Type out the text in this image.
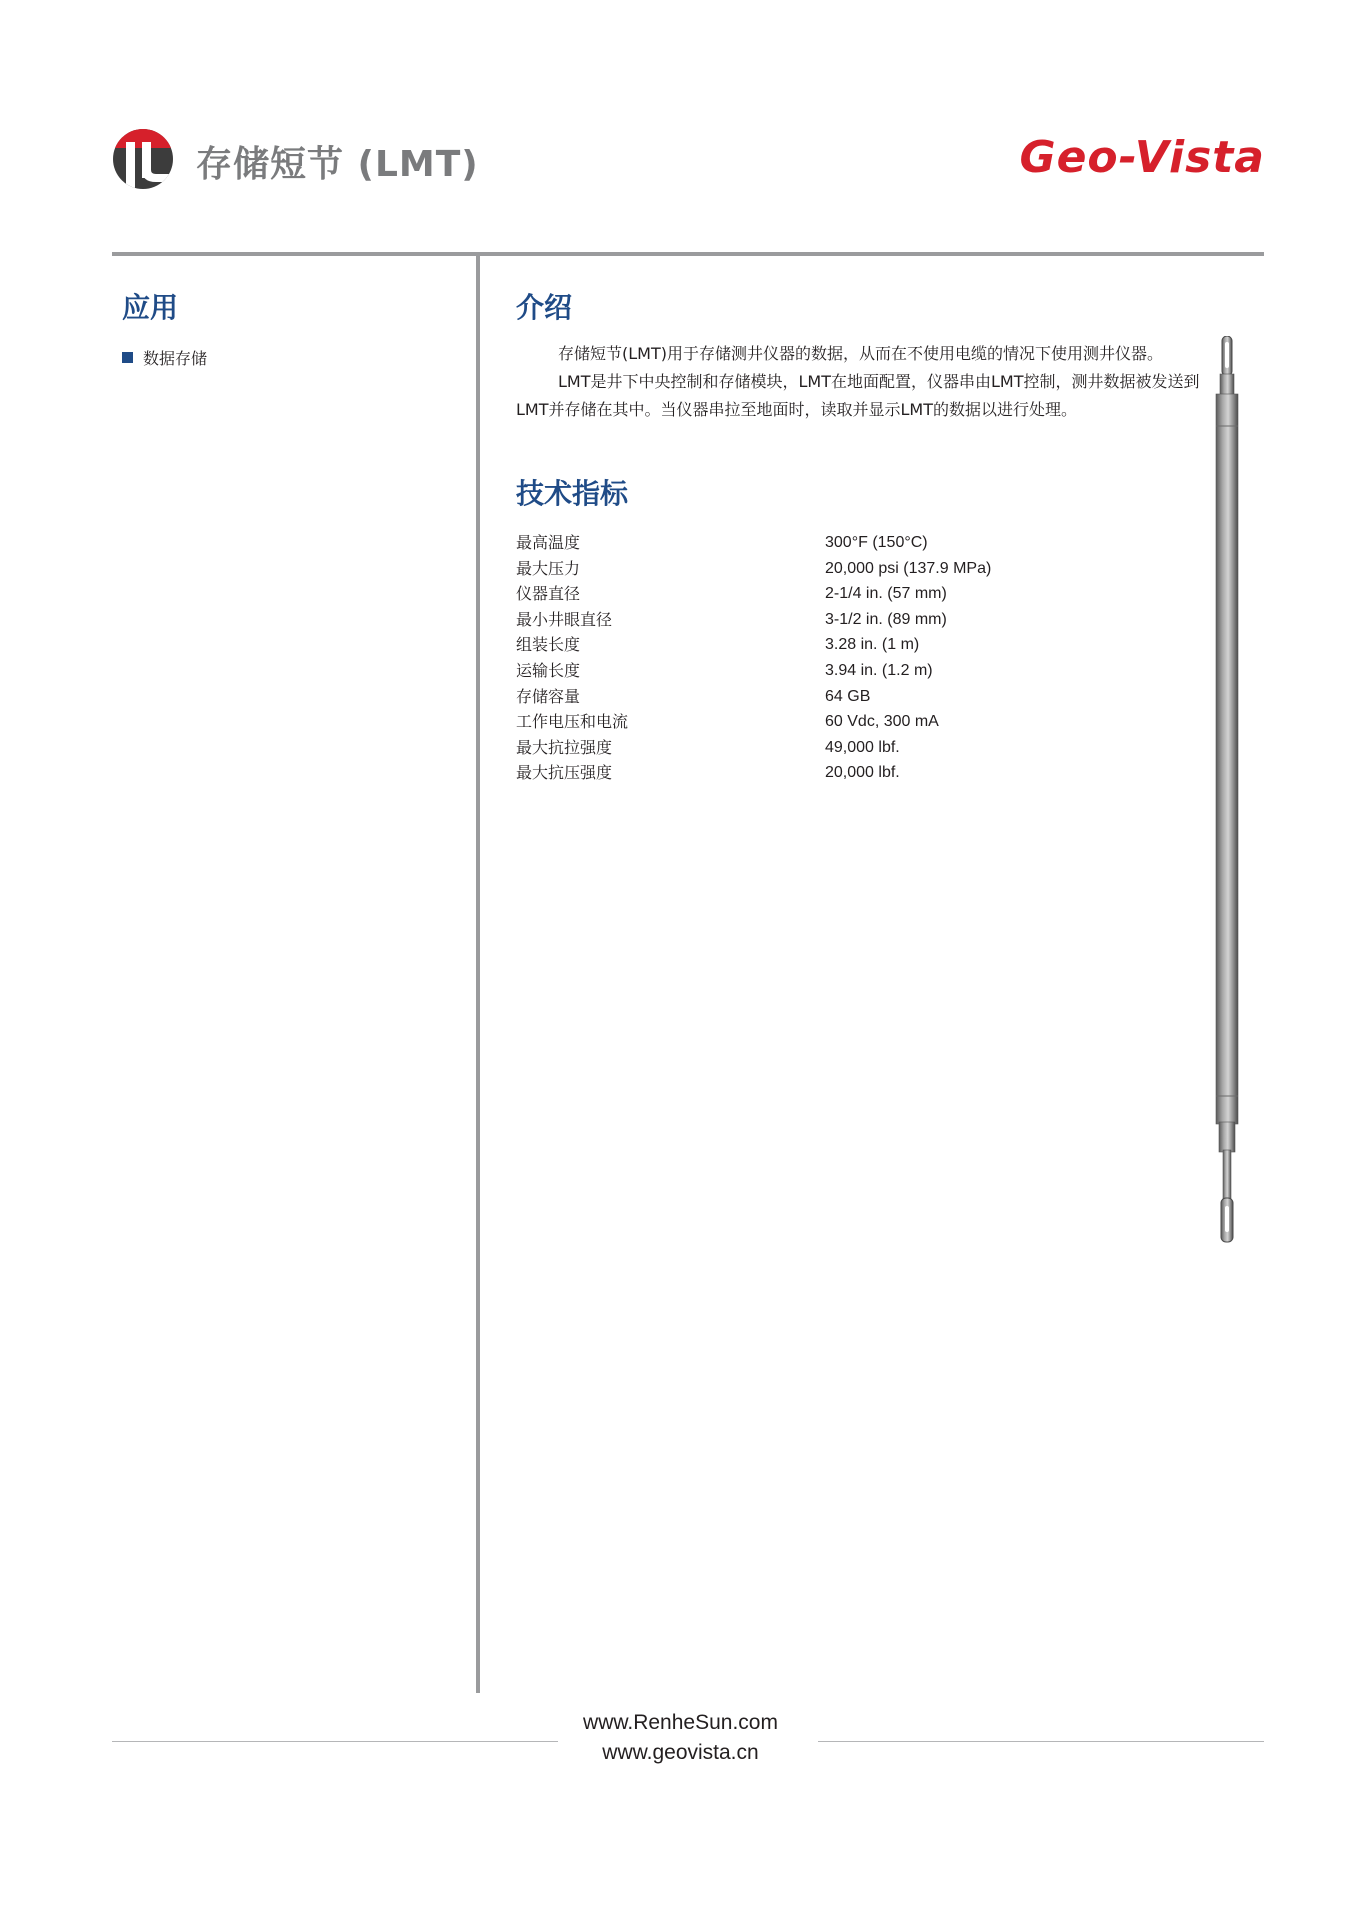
存储短节 (LMT)	Geo-Vista
应用
数据存储
介绍

存储短节(LMT)用于存储测井仪器的数据，从而在不使用电缆的情况下使用测井仪器。

LMT是井下中央控制和存储模块，LMT在地面配置，仪器串由LMT控制，测井数据被发送到LMT并存储在其中。当仪器串拉至地面时，读取并显示LMT的数据以进行处理。

技术指标
最高温度	300°F (150°C)
最大压力	20,000 psi (137.9 MPa)
仪器直径	2-1/4 in. (57 mm)
最小井眼直径	3-1/2 in. (89 mm)
组装长度	3.28 in. (1 m)
运输长度	3.94 in. (1.2 m)
存储容量	64 GB
工作电压和电流	60 Vdc, 300 mA
最大抗拉强度	49,000 lbf.
最大抗压强度	20,000 lbf.
www.RenheSun.com
www.geovista.cn
